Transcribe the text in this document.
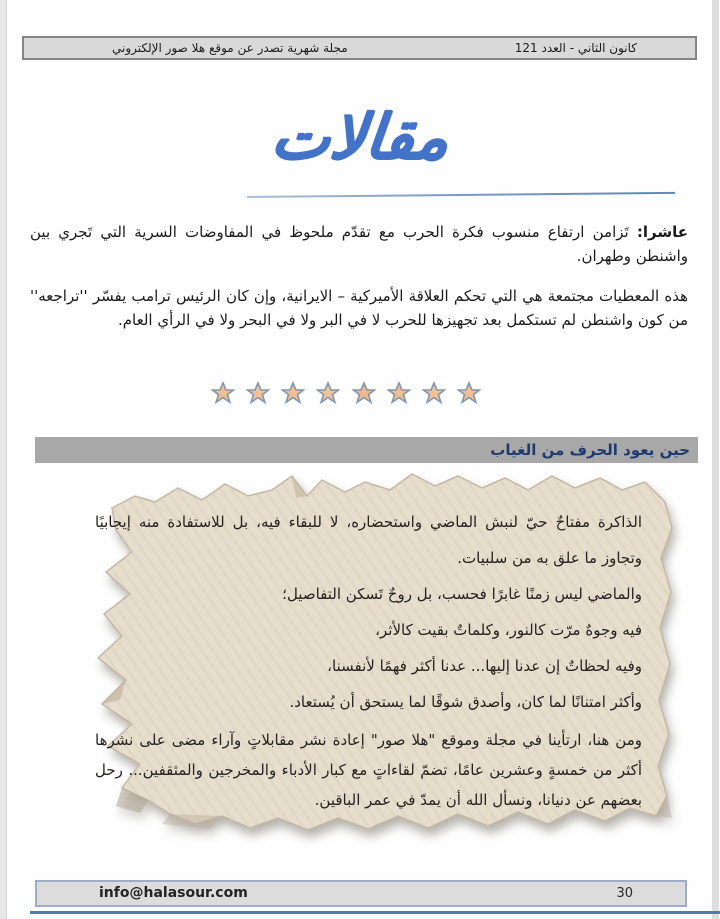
كانون الثاني - العدد 121
مجلة شهرية تصدر عن موقع هلا صور الإلكتروني
مقالات

عاشرا: تَزامن ارتفاع منسوب فكرة الحرب مع تقدّم ملحوظ في المفاوضات السرية التي تَجري بين واشنطن وطهران.

هذه المعطيات مجتمعة هي التي تحكم العلاقة الأميركية – الايرانية، وإن كان الرئيس ترامب يفسّر ''تراجعه'' من كون واشنطن لم تستكمل بعد تجهيزها للحرب لا في البر ولا في البحر ولا في الرأي العام.

حين يعود الحرف من الغياب
الذاكرة مفتاحٌ حيّ لنبش الماضي واستحضاره، لا للبقاء فيه، بل للاستفادة منه إيجابيًا وتجاوز ما علق به من سلبيات.
والماضي ليس زمنًا غابرًا فحسب، بل روحٌ تَسكن التفاصيل؛
فيه وجوهٌ مرّت كالنور، وكلماتٌ بقيت كالأثر،
وفيه لحظاتٌ إن عدنا إليها... عدنا أكثر فهمًا لأنفسنا،
وأكثر امتنانًا لما كان، وأصدق شوقًا لما يستحق أن يُستعاد.
ومن هنا، ارتأينا في مجلة وموقع "هلا صور" إعادة نشر مقابلاتٍ وآراء مضى على نشرها أكثر من خمسةٍ وعشرين عامًا، تضمّ لقاءاتٍ مع كبار الأدباء والمخرجين والمثقفين... رحل بعضهم عن دنيانا، ونسأل الله أن يمدّ في عمر الباقين.
info@halasour.com	30
